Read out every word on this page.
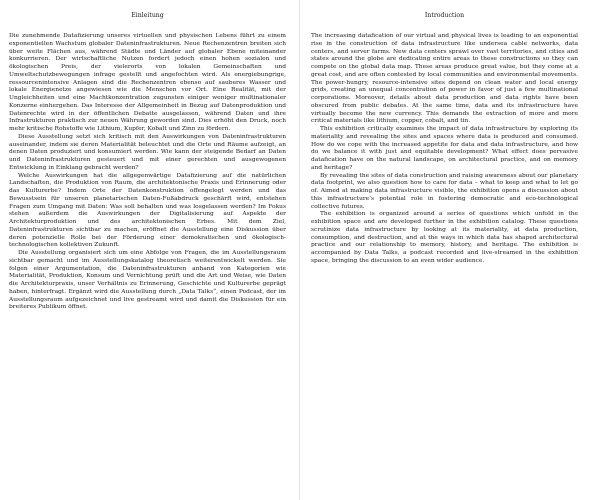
Einleitung

Die zunehmende Datafizierung unseres virtuellen und physischen Lebens führt zu einem exponentiellen Wachstum globaler Dateninfrastrukturen. Neue Rechenzentren breiten sich über weite Flächen aus, während Städte und Länder auf globaler Ebene miteinander konkurrieren. Der wirtschaftliche Nutzen fordert jedoch einen hohen sozialen und ökologischen Preis, der vielerorts von lokalen Gemeinschaften und Umweltschutzbewegungen infrage gestellt und angefochten wird. Als energiebungrige, ressourcenintensive Anlagen sind die Rechenzentren ebenso auf sauberes Wasser und lokale Energienetze angewiesen wie die Menschen vor Ort. Eine Realität, mit der Ungleichheiten und eine Machtkonzentration zugunsten einiger weniger multinationaler Konzerne einhergehen. Das Interesse der Allgemeinheit in Bezug auf Datenproduktion und Datenrechte wird in der öffentlichen Debatte ausgelassen, während Daten und ihre Infrastrukturen praktisch zur neuen Währung geworden sind. Dies erhöht den Druck, noch mehr kritische Rohstoffe wie Lithium, Kupfer, Kobalt und Zinn zu fördern.

Diese Ausstellung setzt sich kritisch mit den Auswirkungen von Dateninfrastrukturen auseinander, indem sie deren Materialität beleuchtet und die Orte und Räume aufzeigt, an denen Daten produziert und konsumiert werden. Wie kann der steigende Bedarf an Daten und Dateninfrastrukturen gesteuert und mit einer gerechten und ausgewogenen Entwicklung in Einklang gebracht werden?

Welche Auswirkungen hat die allgegenwärtige Datafizierung auf die natürlichen Landschaften, die Produktion von Raum, die architektonische Praxis und Erinnerung oder das Kulturerbe? Indem Orte der Datenkonstruktion offengelegt werden und das Bewusstsein für unseren planetarischen Daten-Fußabdruck geschärft wird, entstehen Fragen zum Umgang mit Daten: Was soll behalten und was losgelassen werden? Im Fokus stehen außerdem die Auswirkungen der Digitalisierung auf Aspekte der Architekturproduktion und des architektonischen Erbes. Mit dem Ziel, Dateninfrastrukturen sichtbar zu machen, eröffnet die Ausstellung eine Diskussion über deren potenzielle Rolle bei der Förderung einer demokratischen und ökologisch-technologischen kollektiven Zukunft.

Die Ausstellung organisiert sich um eine Abfolge von Fragen, die im Ausstellungsraum sichtbar gemacht und im Ausstellungskatalog theoretisch weiterentwickelt werden. Sie folgen einer Argumentation, die Dateninfrastrukturen anhand von Kategorien wie Materialität, Produktion, Konsum und Vernichtung prüft und die Art und Weise, wie Daten die Architekturpraxis, unser Verhältnis zu Erinnerung, Geschichte und Kulturerbe geprägt haben, hinterfragt. Ergänzt wird die Ausstellung durch „Data Talks“, einen Podcast, der im Ausstellungsraum aufgezeichnet und live gestreamt wird und damit die Diskussion für ein breiteres Publikum öffnet.

Introduction

The increasing datafication of our virtual and physical lives is leading to an exponential rise in the construction of data infrastructure like undersea cable networks, data centers, and server farms. New data centers sprawl over vast territories, and cities and states around the globe are dedicating entire areas to these constructions so they can compete on the global data map. These areas produce great value, but they come at a great cost, and are often contested by local communities and environmental movements. The power-hungry, resource-intensive sites depend on clean water and local energy grids, creating an unequal concentration of power in favor of just a few multinational corporations. Moreover, details about data production and data rights have been obscured from public debates. At the same time, data and its infrastructure have virtually become the new currency. This demands the extraction of more and more critical materials like lithium, copper, cobalt, and tin.

This exhibition critically examines the impact of data infrastructure by exploring its materiality and revealing the sites and spaces where data is produced and consumed. How do we cope with the increased appetite for data and data infrastructure, and how do we balance it with just and equitable development? What effect does pervasive datafication have on the natural landscape, on architectural practice, and on memory and heritage?

By revealing the sites of data construction and raising awareness about our planetary data footprint, we also question how to care for data – what to keep and what to let go of. Aimed at making data infrastructure visible, the exhibition opens a discussion about this infrastructure’s potential role in fostering democratic and eco-technological collective futures.

The exhibition is organized around a series of questions which unfold in the exhibition space and are developed further in the exhibition catalog. These questions scrutinize data infrastructure by looking at its materiality, at data production, consumption, and destruction, and at the ways in which data has shaped architectural practice and our relationship to memory, history, and heritage. The exhibition is accompanied by Data Talks, a podcast recorded and live-streamed in the exhibition space, bringing the discussion to an even wider audience.
